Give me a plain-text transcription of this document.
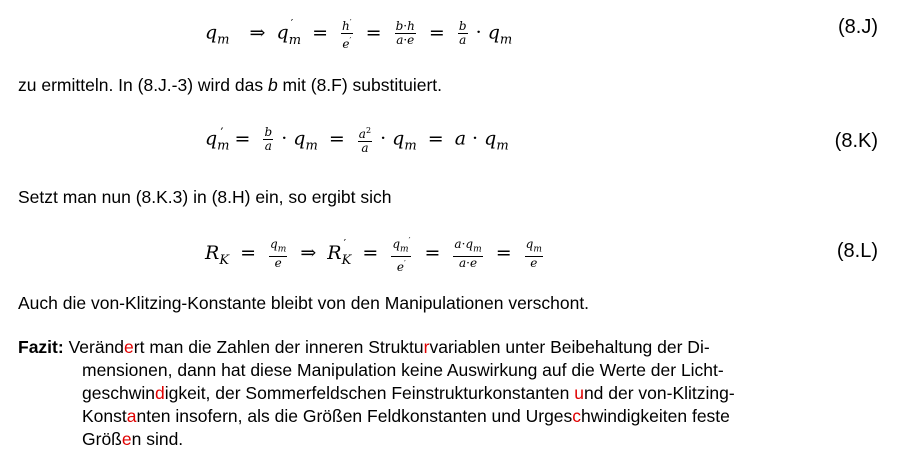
$q_m$ ⇒ q $_{' m} = \frac{h'}{e'} = \frac{b\cdot h}{a\cdot e} = \frac{b}{a} \cdot q_m$
(8.J)
zu ermitteln. In (8.J.-3) wird das b mit (8.F) substituiert.
$q_m' = \frac{b}{a} \cdot q_m = \frac{a^2}{a} \cdot q_m = a \cdot q_m$	(8.K)
Setzt man nun (8.K.3) in (8.H) ein, so ergibt sich
$R_K = \frac{q_m}{e}$ ⇒ R $_{' K} = \frac{q_m'}{e'} = \frac{a\cdot q_m}{a\cdot e} = \frac{q_m}{e}$	(8.L)
Auch die von-Klitzing-Konstante bleibt von den Manipulationen verschont.
Fazit: Verändert man die Zahlen der inneren Strukturvariablen unter Beibehaltung der Di-
mensionen, dann hat diese Manipulation keine Auswirkung auf die Werte der Licht-
geschwindigkeit, der Sommerfeldschen Feinstrukturkonstanten und der von-Klitzing-
Konstanten insofern, als die Größen Feldkonstanten und Urgeschwindigkeiten feste
Größen sind.
